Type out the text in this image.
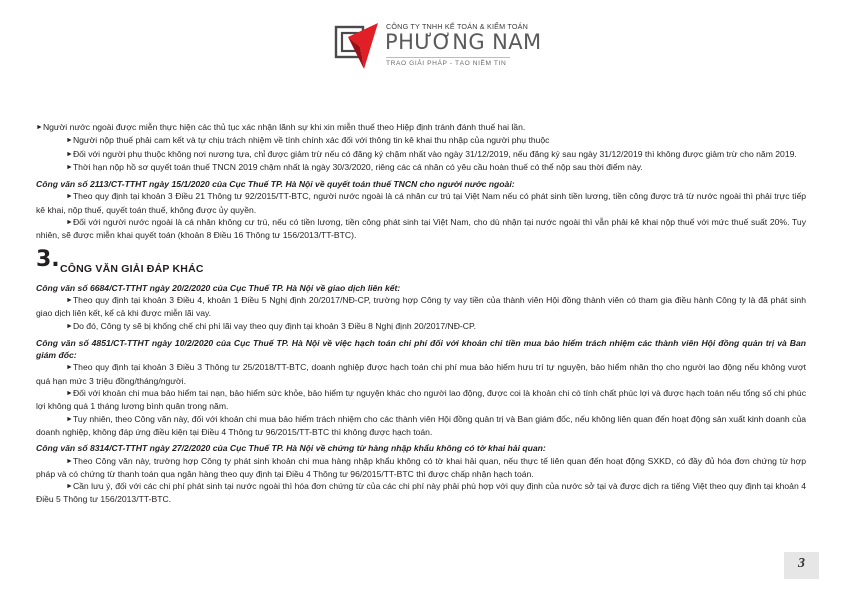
CÔNG TY TNHH KẾ TOÁN & KIỂM TOÁN
PHƯƠNG NAM
TRAO GIẢI PHÁP - TẠO NIỀM TIN

►Người nước ngoài được miễn thực hiện các thủ tục xác nhận lãnh sự khi xin miễn thuế theo Hiệp định tránh đánh thuế hai lần.

►Người nộp thuế phải cam kết và tự chịu trách nhiệm về tính chính xác đối với thông tin kê khai thu nhập của người phụ thuộc

►Đối với người phụ thuộc không nơi nương tựa, chỉ được giảm trừ nếu có đăng ký chậm nhất vào ngày 31/12/2019, nếu đăng ký sau ngày 31/12/2019 thì không được giảm trừ cho năm 2019.

►Thời hạn nộp hồ sơ quyết toán thuế TNCN 2019 chậm nhất là ngày 30/3/2020, riêng các cá nhân có yêu cầu hoàn thuế có thể nộp sau thời điểm này.

Công văn số 2113/CT-TTHT ngày 15/1/2020 của Cục Thuế TP. Hà Nội về quyết toán thuế TNCN cho người nước ngoài:

►Theo quy định tại khoản 3 Điều 21 Thông tư 92/2015/TT-BTC, người nước ngoài là cá nhân cư trú tại Việt Nam nếu có phát sinh tiền lương, tiền công được trả từ nước ngoài thì phải trực tiếp kê khai, nộp thuế, quyết toán thuế, không được ủy quyền.

►Đối với người nước ngoài là cá nhân không cư trú, nếu có tiền lương, tiền công phát sinh tại Việt Nam, cho dù nhận tại nước ngoài thì vẫn phải kê khai nộp thuế với mức thuế suất 20%. Tuy nhiên, sẽ được miễn khai quyết toán (khoản 8 Điều 16 Thông tư 156/2013/TT-BTC).

3. CÔNG VĂN GIẢI ĐÁP KHÁC

Công văn số 6684/CT-TTHT ngày 20/2/2020 của Cục Thuế TP. Hà Nội về giao dịch liên kết:

►Theo quy định tại khoản 3 Điều 4, khoản 1 Điều 5 Nghị định 20/2017/NĐ-CP, trường hợp Công ty vay tiền của thành viên Hội đồng thành viên có tham gia điều hành Công ty là đã phát sinh giao dịch liên kết, kể cả khi được miễn lãi vay.

►Do đó, Công ty sẽ bị khống chế chi phí lãi vay theo quy định tại khoản 3 Điều 8 Nghị định 20/2017/NĐ-CP.

Công văn số 4851/CT-TTHT ngày 10/2/2020 của Cục Thuế TP. Hà Nội về việc hạch toán chi phí đối với khoản chi tiền mua bảo hiểm trách nhiệm các thành viên Hội đồng quản trị và Ban giám đốc:

►Theo quy định tại khoản 3 Điều 3 Thông tư 25/2018/TT-BTC, doanh nghiệp được hạch toán chi phí mua bảo hiểm hưu trí tự nguyện, bảo hiểm nhân thọ cho người lao động nếu không vượt quá hạn mức 3 triệu đồng/tháng/người.

►Đối với khoản chi mua bảo hiểm tai nạn, bảo hiểm sức khỏe, bảo hiểm tự nguyện khác cho người lao động, được coi là khoản chi có tính chất phúc lợi và được hạch toán nếu tổng số chi phúc lợi không quá 1 tháng lương bình quân trong năm.

►Tuy nhiên, theo Công văn này, đối với khoản chi mua bảo hiểm trách nhiệm cho các thành viên Hội đồng quản trị và Ban giám đốc, nếu không liên quan đến hoạt động sản xuất kinh doanh của doanh nghiệp, không đáp ứng điều kiện tại Điều 4 Thông tư 96/2015/TT-BTC thì không được hạch toán.

Công văn số 8314/CT-TTHT ngày 27/2/2020 của Cục Thuế TP. Hà Nội về chứng từ hàng nhập khẩu không có tờ khai hải quan:

►Theo Công văn này, trường hợp Công ty phát sinh khoản chi mua hàng nhập khẩu không có tờ khai hải quan, nếu thực tế liên quan đến hoạt động SXKD, có đầy đủ hóa đơn chứng từ hợp pháp và có chứng từ thanh toán qua ngân hàng theo quy định tại Điều 4 Thông tư 96/2015/TT-BTC thì được chấp nhận hạch toán.

►Cần lưu ý, đối với các chi phí phát sinh tại nước ngoài thì hóa đơn chứng từ của các chi phí này phải phù hợp với quy định của nước sở tại và được dịch ra tiếng Việt theo quy định tại khoản 4 Điều 5 Thông tư 156/2013/TT-BTC.

3
